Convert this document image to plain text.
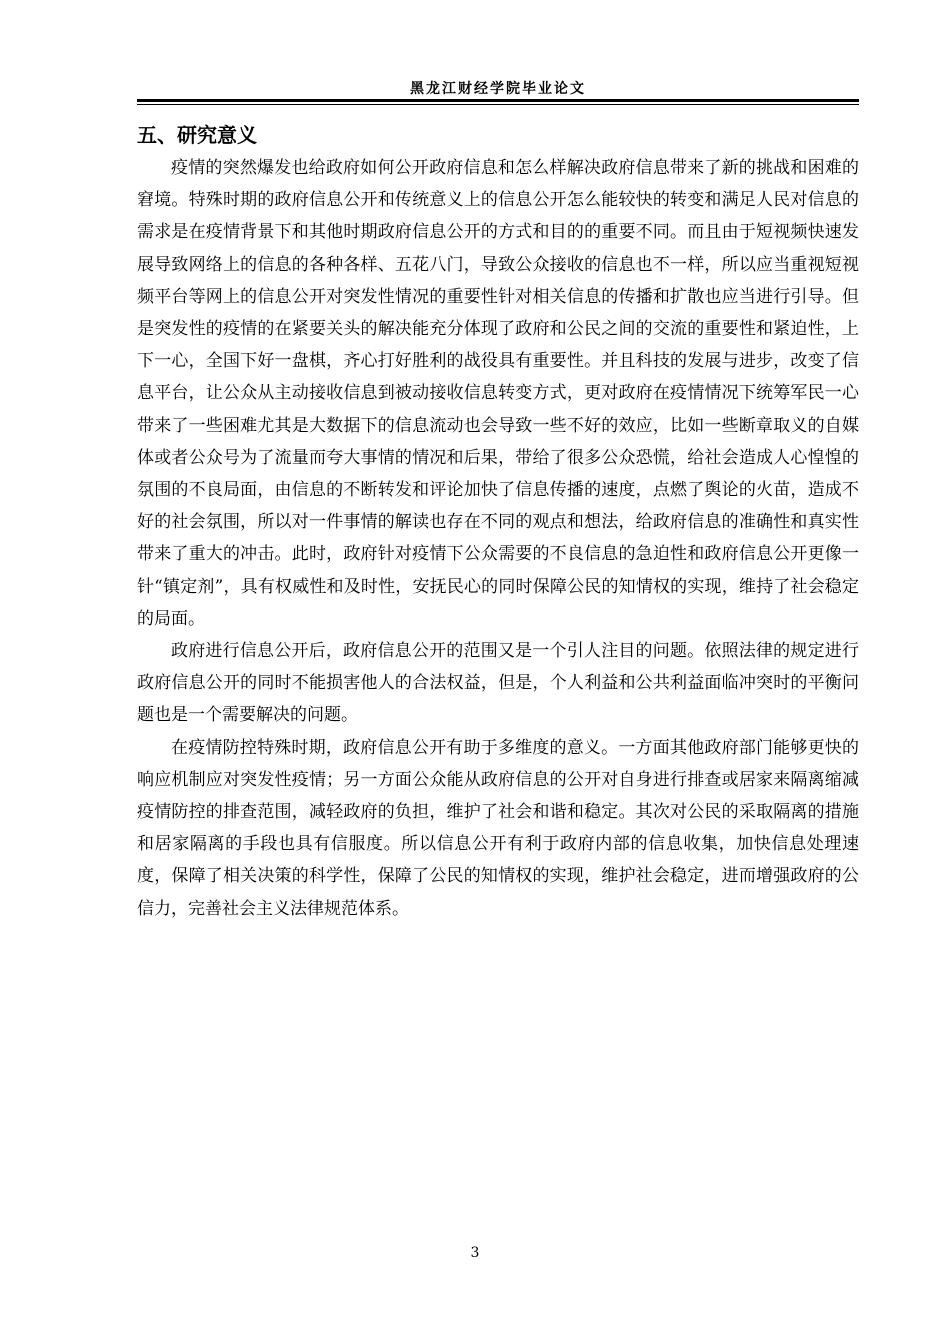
黑龙江财经学院毕业论文
五、研究意义

疫情的突然爆发也给政府如何公开政府信息和怎么样解决政府信息带来了新的挑战和困难的窘境。特殊时期的政府信息公开和传统意义上的信息公开怎么能较快的转变和满足人民对信息的需求是在疫情背景下和其他时期政府信息公开的方式和目的的重要不同。而且由于短视频快速发展导致网络上的信息的各种各样、五花八门，导致公众接收的信息也不一样，所以应当重视短视频平台等网上的信息公开对突发性情况的重要性针对相关信息的传播和扩散也应当进行引导。但是突发性的疫情的在紧要关头的解决能充分体现了政府和公民之间的交流的重要性和紧迫性，上下一心，全国下好一盘棋，齐心打好胜利的战役具有重要性。并且科技的发展与进步，改变了信息平台，让公众从主动接收信息到被动接收信息转变方式，更对政府在疫情情况下统筹军民一心带来了一些困难尤其是大数据下的信息流动也会导致一些不好的效应，比如一些断章取义的自媒体或者公众号为了流量而夸大事情的情况和后果，带给了很多公众恐慌，给社会造成人心惶惶的氛围的不良局面，由信息的不断转发和评论加快了信息传播的速度，点燃了舆论的火苗，造成不好的社会氛围，所以对一件事情的解读也存在不同的观点和想法，给政府信息的准确性和真实性带来了重大的冲击。此时，政府针对疫情下公众需要的不良信息的急迫性和政府信息公开更像一针“镇定剂”，具有权威性和及时性，安抚民心的同时保障公民的知情权的实现，维持了社会稳定的局面。

政府进行信息公开后，政府信息公开的范围又是一个引人注目的问题。依照法律的规定进行政府信息公开的同时不能损害他人的合法权益，但是，个人利益和公共利益面临冲突时的平衡问题也是一个需要解决的问题。

在疫情防控特殊时期，政府信息公开有助于多维度的意义。一方面其他政府部门能够更快的响应机制应对突发性疫情；另一方面公众能从政府信息的公开对自身进行排查或居家来隔离缩减疫情防控的排查范围，减轻政府的负担，维护了社会和谐和稳定。其次对公民的采取隔离的措施和居家隔离的手段也具有信服度。所以信息公开有利于政府内部的信息收集，加快信息处理速度，保障了相关决策的科学性，保障了公民的知情权的实现，维护社会稳定，进而增强政府的公信力，完善社会主义法律规范体系。

3
